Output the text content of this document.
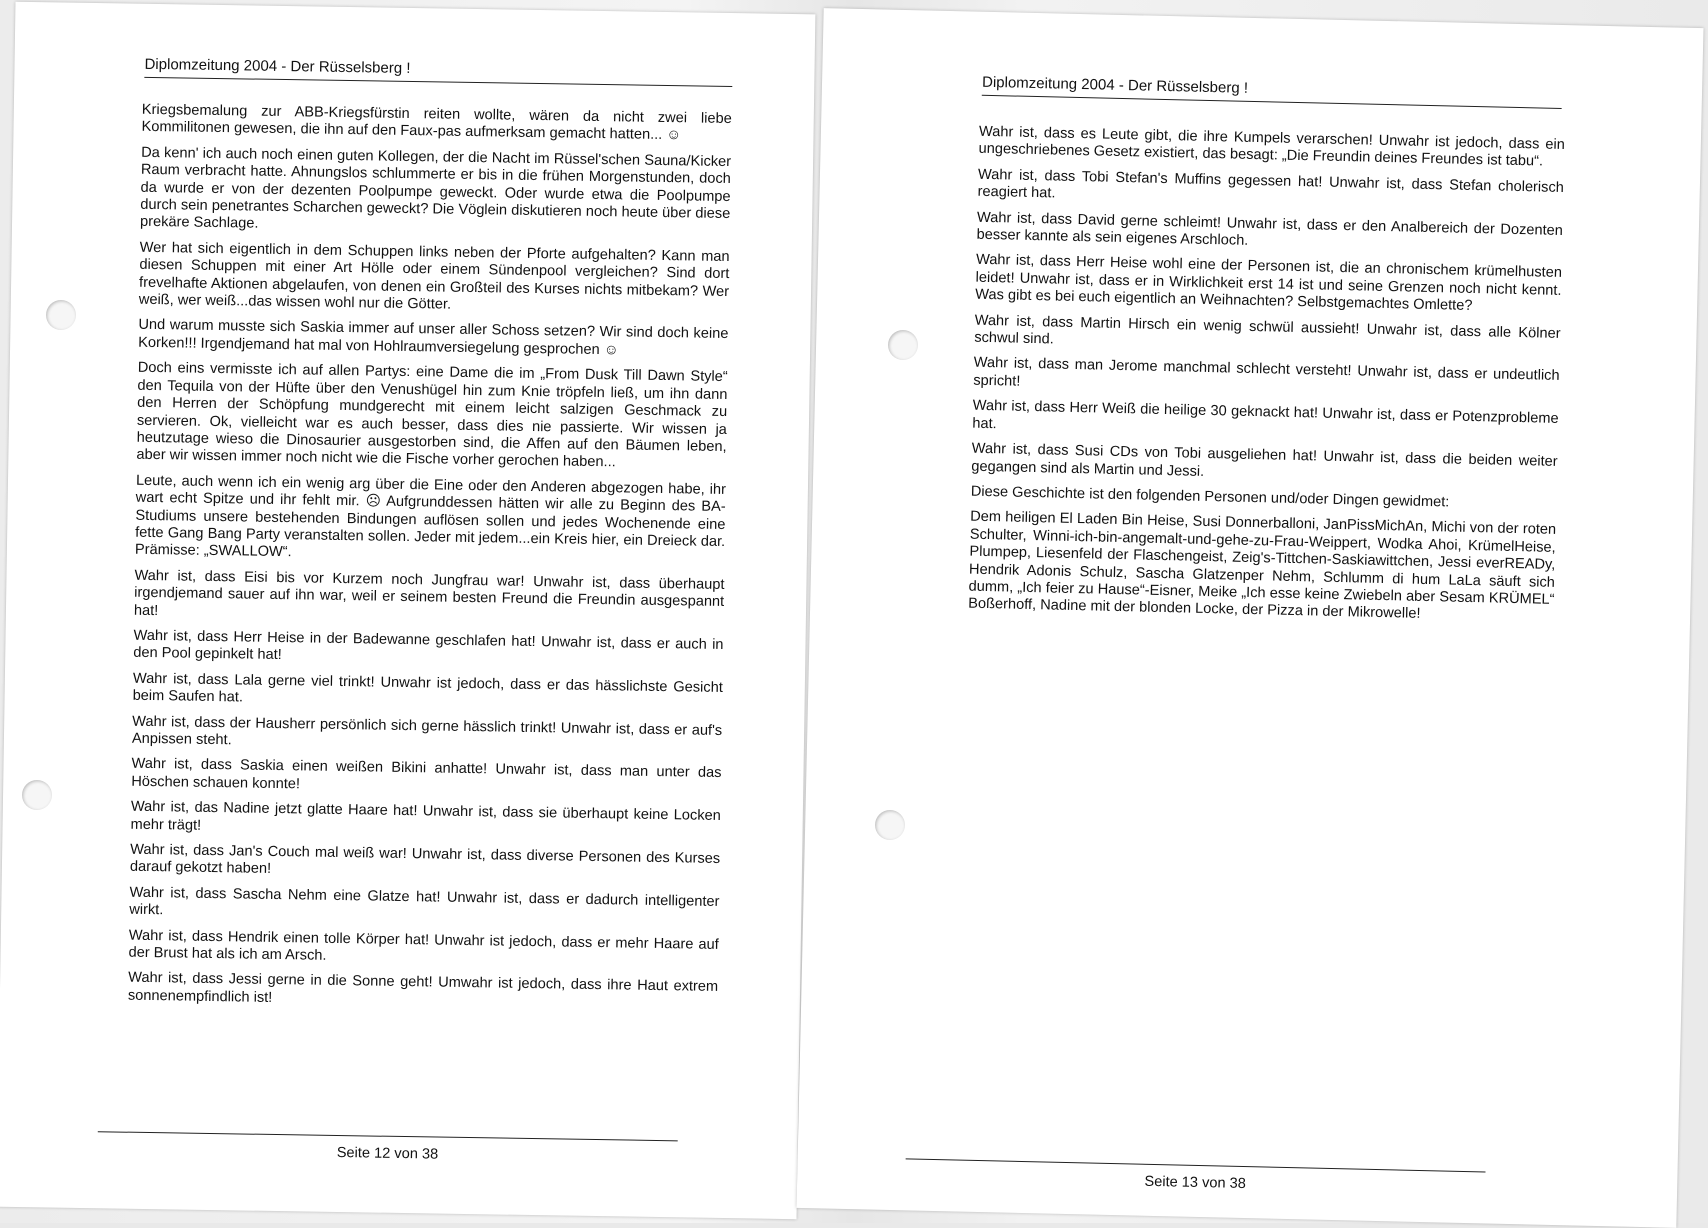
Diplomzeitung 2004 - Der Rüsselsberg !

Kriegsbemalung zur ABB-Kriegsfürstin reiten wollte, wären da nicht zwei liebe Kommilitonen gewesen, die ihn auf den Faux-pas aufmerksam gemacht hatten... ☺

Da kenn' ich auch noch einen guten Kollegen, der die Nacht im Rüssel'schen Sauna/Kicker Raum verbracht hatte. Ahnungslos schlummerte er bis in die frühen Morgenstunden, doch da wurde er von der dezenten Poolpumpe geweckt. Oder wurde etwa die Poolpumpe durch sein penetrantes Scharchen geweckt? Die Vöglein diskutieren noch heute über diese prekäre Sachlage.

Wer hat sich eigentlich in dem Schuppen links neben der Pforte aufgehalten? Kann man diesen Schuppen mit einer Art Hölle oder einem Sündenpool vergleichen? Sind dort frevelhafte Aktionen abgelaufen, von denen ein Großteil des Kurses nichts mitbekam? Wer weiß, wer weiß...das wissen wohl nur die Götter.

Und warum musste sich Saskia immer auf unser aller Schoss setzen? Wir sind doch keine Korken!!! Irgendjemand hat mal von Hohlraumversiegelung gesprochen ☺

Doch eins vermisste ich auf allen Partys: eine Dame die im „From Dusk Till Dawn Style“ den Tequila von der Hüfte über den Venushügel hin zum Knie tröpfeln ließ, um ihn dann den Herren der Schöpfung mundgerecht mit einem leicht salzigen Geschmack zu servieren. Ok, vielleicht war es auch besser, dass dies nie passierte. Wir wissen ja heutzutage wieso die Dinosaurier ausgestorben sind, die Affen auf den Bäumen leben, aber wir wissen immer noch nicht wie die Fische vorher gerochen haben...

Leute, auch wenn ich ein wenig arg über die Eine oder den Anderen abgezogen habe, ihr wart echt Spitze und ihr fehlt mir. ☹ Aufgrunddessen hätten wir alle zu Beginn des BA-Studiums unsere bestehenden Bindungen auflösen sollen und jedes Wochenende eine fette Gang Bang Party veranstalten sollen. Jeder mit jedem...ein Kreis hier, ein Dreieck dar. Prämisse: „SWALLOW“.

Wahr ist, dass Eisi bis vor Kurzem noch Jungfrau war! Unwahr ist, dass überhaupt irgendjemand sauer auf ihn war, weil er seinem besten Freund die Freundin ausgespannt hat!

Wahr ist, dass Herr Heise in der Badewanne geschlafen hat! Unwahr ist, dass er auch in den Pool gepinkelt hat!

Wahr ist, dass Lala gerne viel trinkt! Unwahr ist jedoch, dass er das hässlichste Gesicht beim Saufen hat.

Wahr ist, dass der Hausherr persönlich sich gerne hässlich trinkt! Unwahr ist, dass er auf's Anpissen steht.

Wahr ist, dass Saskia einen weißen Bikini anhatte! Unwahr ist, dass man unter das Höschen schauen konnte!

Wahr ist, das Nadine jetzt glatte Haare hat! Unwahr ist, dass sie überhaupt keine Locken mehr trägt!

Wahr ist, dass Jan's Couch mal weiß war! Unwahr ist, dass diverse Personen des Kurses darauf gekotzt haben!

Wahr ist, dass Sascha Nehm eine Glatze hat! Unwahr ist, dass er dadurch intelligenter wirkt.

Wahr ist, dass Hendrik einen tolle Körper hat! Unwahr ist jedoch, dass er mehr Haare auf der Brust hat als ich am Arsch.

Wahr ist, dass Jessi gerne in die Sonne geht! Umwahr ist jedoch, dass ihre Haut extrem sonnenempfindlich ist!

Seite 12 von 38
Diplomzeitung 2004 - Der Rüsselsberg !

Wahr ist, dass es Leute gibt, die ihre Kumpels verarschen! Unwahr ist jedoch, dass ein ungeschriebenes Gesetz existiert, das besagt: „Die Freundin deines Freundes ist tabu“.

Wahr ist, dass Tobi Stefan's Muffins gegessen hat! Unwahr ist, dass Stefan cholerisch reagiert hat.

Wahr ist, dass David gerne schleimt! Unwahr ist, dass er den Analbereich der Dozenten besser kannte als sein eigenes Arschloch.

Wahr ist, dass Herr Heise wohl eine der Personen ist, die an chronischem krümelhusten leidet! Unwahr ist, dass er in Wirklichkeit erst 14 ist und seine Grenzen noch nicht kennt. Was gibt es bei euch eigentlich an Weihnachten? Selbstgemachtes Omlette?

Wahr ist, dass Martin Hirsch ein wenig schwül aussieht! Unwahr ist, dass alle Kölner schwul sind.

Wahr ist, dass man Jerome manchmal schlecht versteht! Unwahr ist, dass er undeutlich spricht!

Wahr ist, dass Herr Weiß die heilige 30 geknackt hat! Unwahr ist, dass er Potenzprobleme hat.

Wahr ist, dass Susi CDs von Tobi ausgeliehen hat! Unwahr ist, dass die beiden weiter gegangen sind als Martin und Jessi.

Diese Geschichte ist den folgenden Personen und/oder Dingen gewidmet:

Dem heiligen El Laden Bin Heise, Susi Donnerballoni, JanPissMichAn, Michi von der roten Schulter, Winni-ich-bin-angemalt-und-gehe-zu-Frau-Weippert, Wodka Ahoi, KrümelHeise, Plumpep, Liesenfeld der Flaschengeist, Zeig's-Tittchen-Saskiawittchen, Jessi everREADy, Hendrik Adonis Schulz, Sascha Glatzenper Nehm, Schlumm di hum LaLa säuft sich dumm, „Ich feier zu Hause“-Eisner, Meike „Ich esse keine Zwiebeln aber Sesam KRÜMEL“ Boßerhoff, Nadine mit der blonden Locke, der Pizza in der Mikrowelle!

Seite 13 von 38
